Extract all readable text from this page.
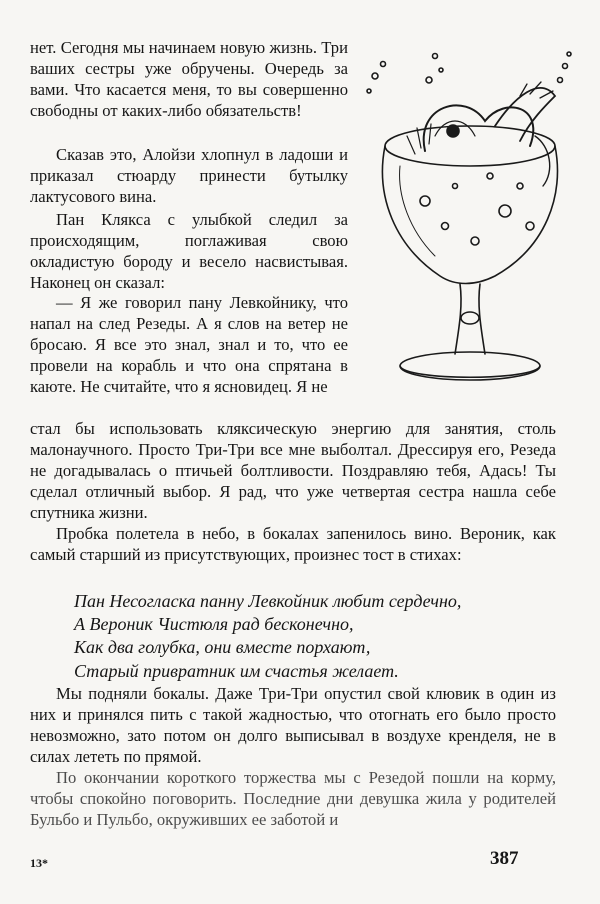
нет. Сегодня мы начинаем новую жизнь. Три ваших сестры уже обручены. Очередь за вами. Что касается меня, то вы совершенно свободны от каких-либо обязательств!

Сказав это, Алойзи хлопнул в ладоши и приказал стюарду принести бутылку лактусового вина.

Пан Клякса с улыбкой следил за происходящим, поглаживая свою окладистую бороду и весело насвистывая. Наконец он сказал:

— Я же говорил пану Левкойнику, что напал на след Резеды. А я слов на ветер не бросаю. Я все это знал, знал и то, что ее провели на корабль и что она спрятана в каюте. Не считайте, что я ясновидец. Я не

стал бы использовать кляксическую энергию для занятия, столь малонаучного. Просто Три-Три все мне выболтал. Дрессируя его, Резеда не догадывалась о птичьей болтливости. Поздравляю тебя, Адась! Ты сделал отличный выбор. Я рад, что уже четвертая сестра нашла себе спутника жизни.

Пробка полетела в небо, в бокалах запенилось вино. Вероник, как самый старший из присутствующих, произнес тост в стихах:

Пан Несогласка панну Левкойник любит сердечно,
А Вероник Чистюля рад бесконечно,
Как два голубка, они вместе порхают,
Старый привратник им счастья желает.

Мы подняли бокалы. Даже Три-Три опустил свой клювик в один из них и принялся пить с такой жадностью, что отогнать его было просто невозможно, зато потом он долго выписывал в воздухе кренделя, не в силах лететь по прямой.

По окончании короткого торжества мы с Резедой пошли на корму, чтобы спокойно поговорить. Последние дни девушка жила у родителей Бульбо и Пульбо, окруживших ее заботой и

13*	387
